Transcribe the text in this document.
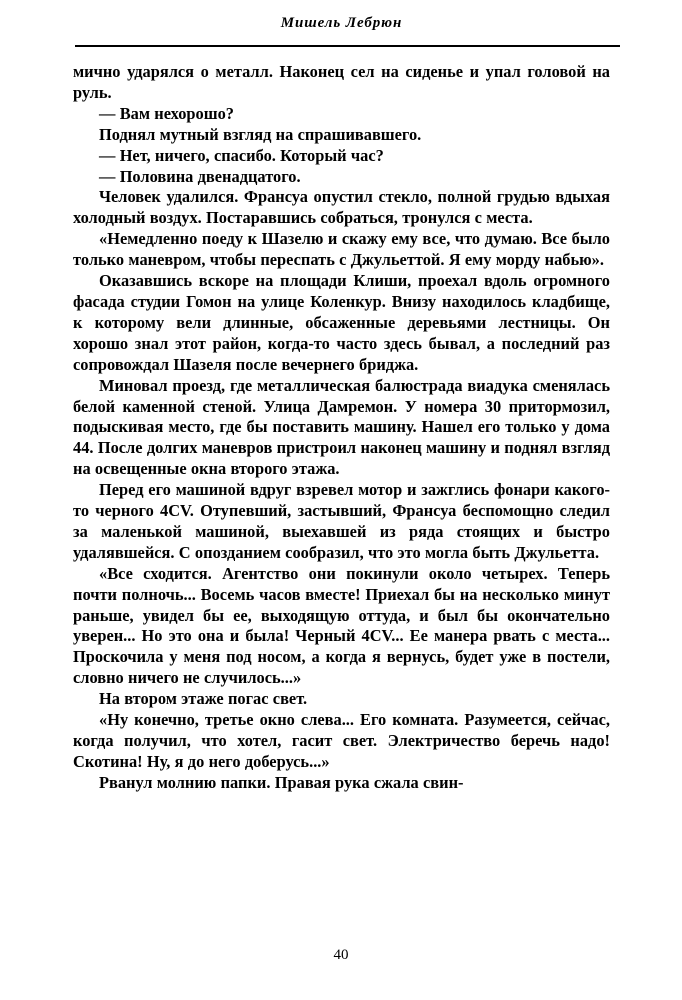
Мишель Лебрюн

мично ударялся о металл. Наконец сел на сиденье и упал головой на руль.

— Вам нехорошо?

Поднял мутный взгляд на спрашивавшего.

— Нет, ничего, спасибо. Который час?

— Половина двенадцатого.

Человек удалился. Франсуа опустил стекло, полной грудью вдыхая холодный воздух. Постаравшись собраться, тронулся с места.

«Немедленно поеду к Шазелю и скажу ему все, что думаю. Все было только маневром, чтобы переспать с Джульеттой. Я ему морду набью».

Оказавшись вскоре на площади Клиши, проехал вдоль огромного фасада студии Гомон на улице Коленкур. Внизу находилось кладбище, к которому вели длинные, обсаженные деревьями лестницы. Он хорошо знал этот район, когда-то часто здесь бывал, а последний раз сопровождал Шазеля после вечернего бриджа.

Миновал проезд, где металлическая балюстрада виадука сменялась белой каменной стеной. Улица Дамремон. У номера 30 притормозил, подыскивая место, где бы поставить машину. Нашел его только у дома 44. После долгих маневров пристроил наконец машину и поднял взгляд на освещенные окна второго этажа.

Перед его машиной вдруг взревел мотор и зажглись фонари какого-то черного 4CV. Отупевший, застывший, Франсуа беспомощно следил за маленькой машиной, выехавшей из ряда стоящих и быстро удалявшейся. С опозданием сообразил, что это могла быть Джульетта.

«Все сходится. Агентство они покинули около четырех. Теперь почти полночь... Восемь часов вместе! Приехал бы на несколько минут раньше, увидел бы ее, выходящую оттуда, и был бы окончательно уверен... Но это она и была! Черный 4CV... Ее манера рвать с места... Проскочила у меня под носом, а когда я вернусь, будет уже в постели, словно ничего не случилось...»

На втором этаже погас свет.

«Ну конечно, третье окно слева... Его комната. Разумеется, сейчас, когда получил, что хотел, гасит свет. Электричество беречь надо! Скотина! Ну, я до него доберусь...»

Рванул молнию папки. Правая рука сжала свин-

40
